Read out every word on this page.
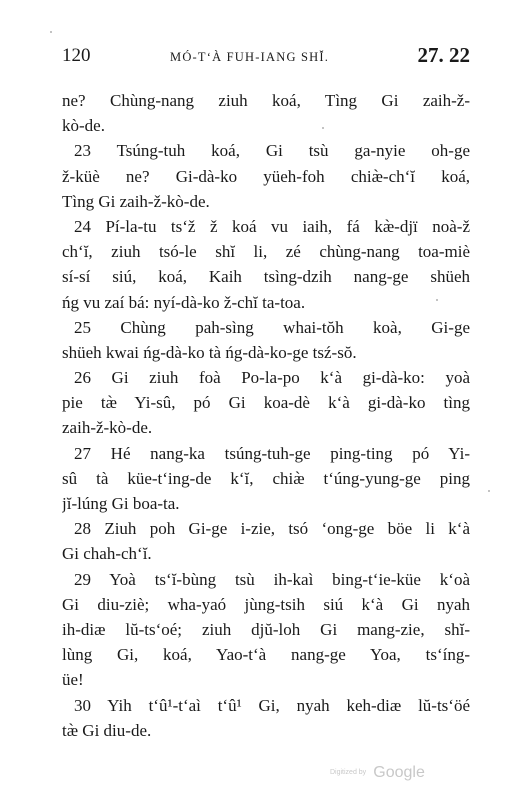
120	MÓ-T‘À FUH-IANG SHĬ.	27. 22
ne? Chùng-nang ziuh koá, Tìng Gi zaih-ž-
kò-de.
23 Tsúng-tuh koá, Gi tsù ga-nyie oh-ge
ž-küè ne? Gi-dà-ko yüeh-foh chiæ̀-ch‘ĭ koá,
Tìng Gi zaih-ž-kò-de.
24 Pí-la-tu ts‘ž ž koá vu iaih, fá kæ̀-djï noà-ž
ch‘ĭ, ziuh tsó-le shĭ li, zé chùng-nang toa-miè
sí-sí siú, koá, Kaih tsìng-dzih nang-ge shüeh
ńg vu zaí bá: nyí-dà-ko ž-chĭ ta-toa.
25 Chùng pah-sìng whai-tŏh koà, Gi-ge
shüeh kwai ńg-dà-ko tà ńg-dà-ko-ge tsź-sŏ.
26 Gi ziuh foà Po-la-po k‘à gi-dà-ko: yoà
pie tæ̀ Yi-sû, pó Gi koa-dè k‘à gi-dà-ko tìng
zaih-ž-kò-de.
27 Hé nang-ka tsúng-tuh-ge ping-ting pó Yi-
sû tà küe-t‘ing-de k‘ĭ, chiæ̀ t‘úng-yung-ge ping
jĭ-lúng Gi boa-ta.
28 Ziuh poh Gi-ge i-zie, tsó ‘ong-ge böe li k‘à
Gi chah-ch‘ĭ.
29 Yoà ts‘ĭ-bùng tsù ih-kaì bing-t‘ie-küe k‘oà
Gi diu-ziè; wha-yaó jùng-tsih siú k‘à Gi nyah
ih-diæ lŭ-ts‘oé; ziuh djŭ-loh Gi mang-zie, shĭ-
lùng Gi, koá, Yao-t‘à nang-ge Yoa, ts‘íng-
üe!
30 Yih t‘û¹-t‘aì t‘û¹ Gi, nyah keh-diæ lŭ-ts‘öé
tæ̀ Gi diu-de.
Digitized by Google
